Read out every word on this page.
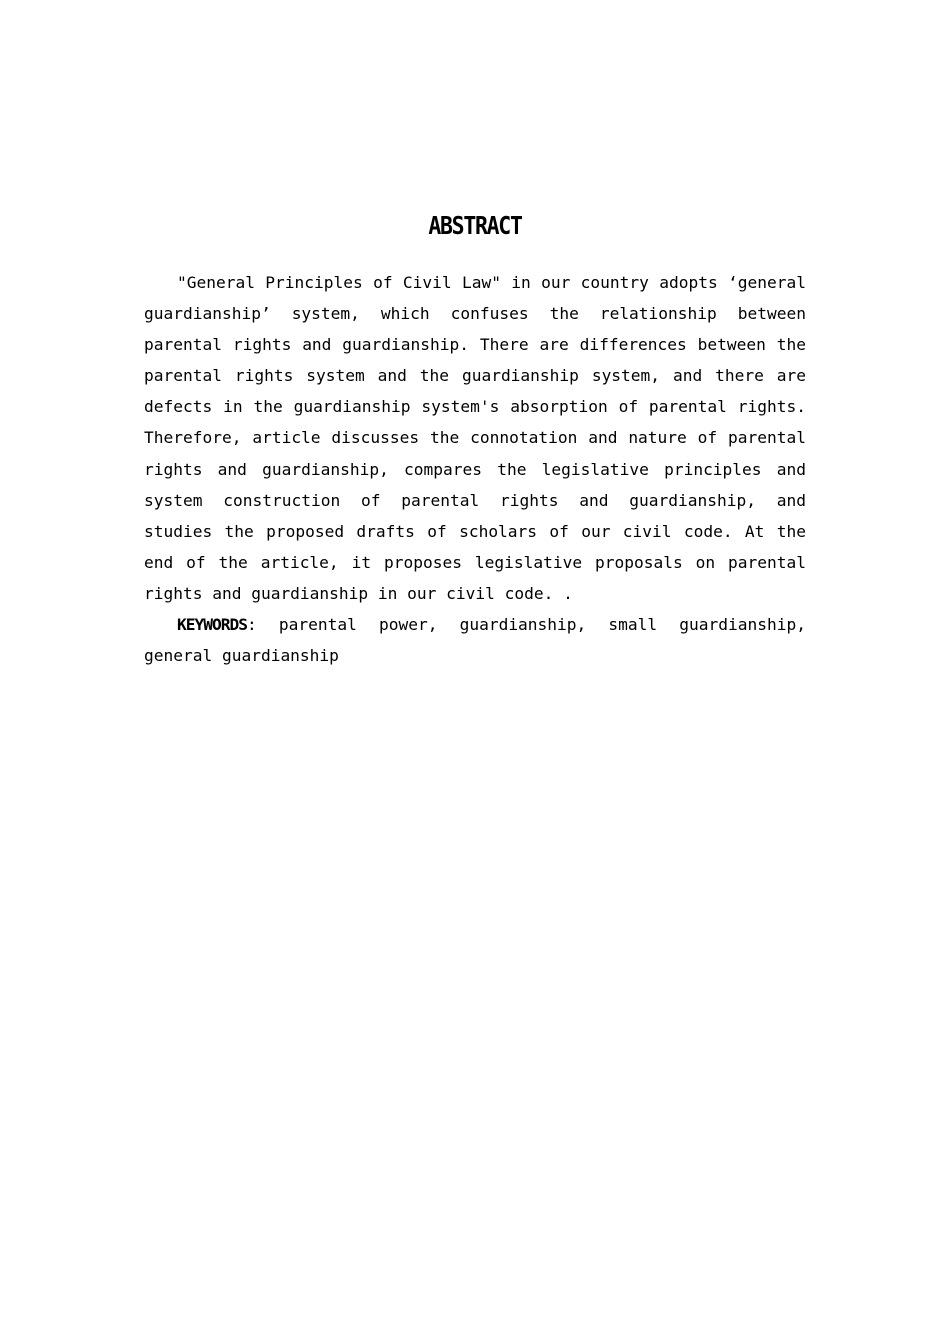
ABSTRACT

"General Principles of Civil Law" in our country adopts ‘general guardianship’ system, which confuses the relationship between parental rights and guardianship. There are differences between the parental rights system and the guardianship system, and there are defects in the guardianship system's absorption of parental rights. Therefore, article discusses the connotation and nature of parental rights and guardianship, compares the legislative principles and system construction of parental rights and guardianship, and studies the proposed drafts of scholars of our civil code. At the end of the article, it proposes legislative proposals on parental rights and guardianship in our civil code. .

KEYWORDS: parental power, guardianship, small guardianship, general guardianship
